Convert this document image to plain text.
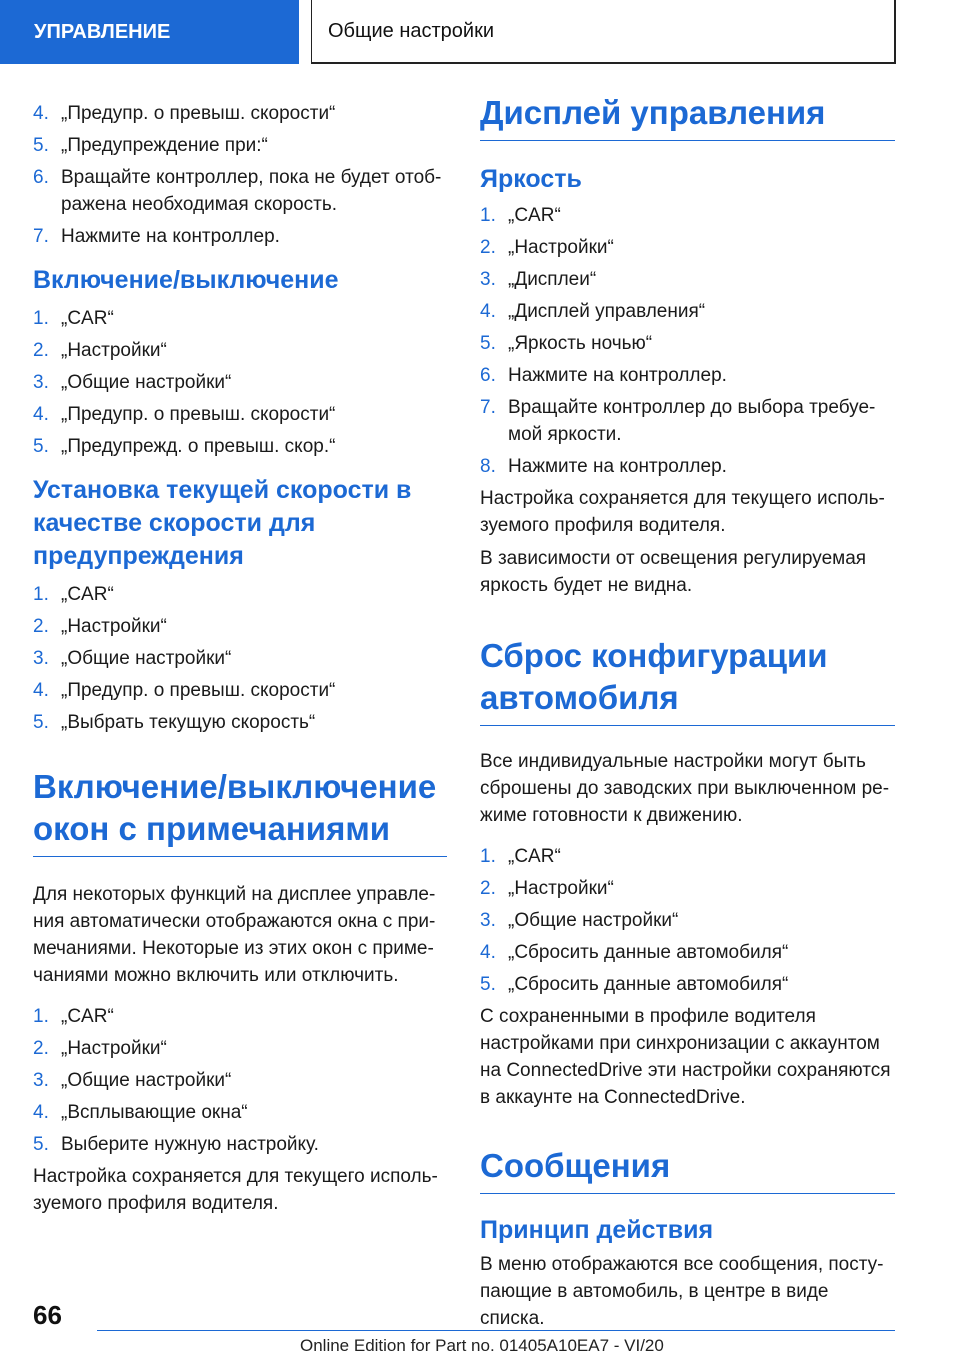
УПРАВЛЕНИЕ	Общие настройки
4. „Предупр. о превыш. скорости“
5. „Предупреждение при:“
6. Вращайте контроллер, пока не будет отображена необходимая скорость.
7. Нажмите на контроллер.
Включение/выключение
1. „CAR“
2. „Настройки“
3. „Общие настройки“
4. „Предупр. о превыш. скорости“
5. „Предупрежд. о превыш. скор.“
Установка текущей скорости в качестве скорости для предупреждения
1. „CAR“
2. „Настройки“
3. „Общие настройки“
4. „Предупр. о превыш. скорости“
5. „Выбрать текущую скорость“
Включение/выключение окон с примечаниями

Для некоторых функций на дисплее управления автоматически отображаются окна с примечаниями. Некоторые из этих окон с примечаниями можно включить или отключить.

1. „CAR“
2. „Настройки“
3. „Общие настройки“
4. „Всплывающие окна“
5. Выберите нужную настройку.

Настройка сохраняется для текущего используемого профиля водителя.

Дисплей управления
Яркость
1. „CAR“
2. „Настройки“
3. „Дисплеи“
4. „Дисплей управления“
5. „Яркость ночью“
6. Нажмите на контроллер.
7. Вращайте контроллер до выбора требуемой яркости.
8. Нажмите на контроллер.

Настройка сохраняется для текущего используемого профиля водителя.

В зависимости от освещения регулируемая яркость будет не видна.

Сброс конфигурации автомобиля

Все индивидуальные настройки могут быть сброшены до заводских при выключенном режиме готовности к движению.

1. „CAR“
2. „Настройки“
3. „Общие настройки“
4. „Сбросить данные автомобиля“
5. „Сбросить данные автомобиля“

С сохраненными в профиле водителя настройками при синхронизации с аккаунтом на ConnectedDrive эти настройки сохраняются в аккаунте на ConnectedDrive.

Сообщения
Принцип действия

В меню отображаются все сообщения, поступающие в автомобиль, в центре в виде списка.

66
Online Edition for Part no. 01405A10EA7 - VI/20
